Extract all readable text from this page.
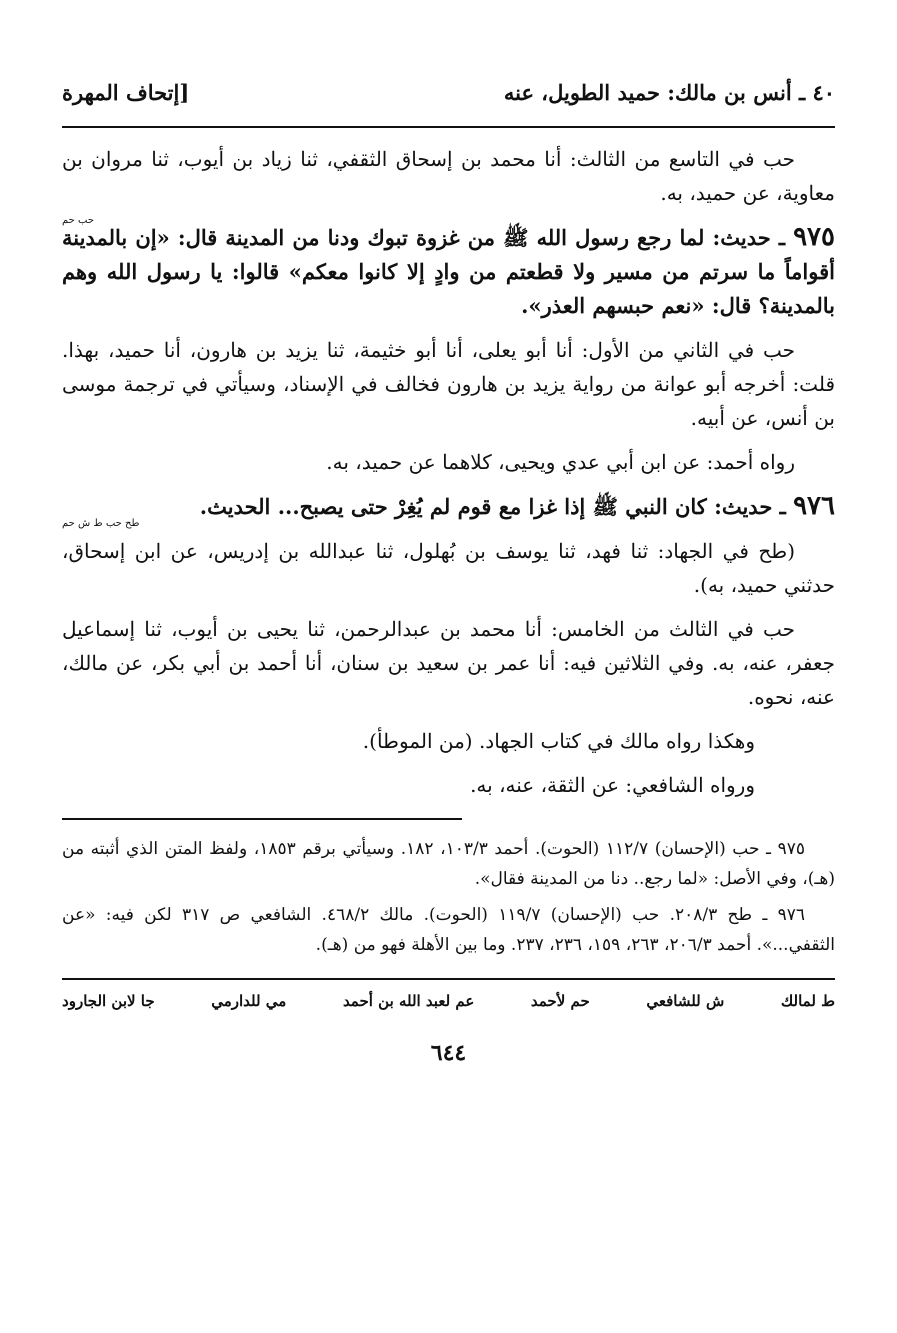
٤٠ ـ أنس بن مالك: حميد الطويل، عنه
[إتحاف المهرة

حب في التاسع من الثالث: أنا محمد بن إسحاق الثقفي، ثنا زياد بن أيوب، ثنا مروان بن معاوية، عن حميد، به.

حب حم
٩٧٥ ـ حديث: لما رجع رسول الله ﷺ من غزوة تبوك ودنا من المدينة قال: «إن بالمدينة أقواماً ما سرتم من مسير ولا قطعتم من وادٍ إلا كانوا معكم» قالوا: يا رسول الله وهم بالمدينة؟ قال: «نعم حبسهم العذر».

حب في الثاني من الأول: أنا أبو يعلى، أنا أبو خثيمة، ثنا يزيد بن هارون، أنا حميد، بهذا. قلت: أخرجه أبو عوانة من رواية يزيد بن هارون فخالف في الإسناد، وسيأتي في ترجمة موسى بن أنس، عن أبيه.

رواه أحمد: عن ابن أبي عدي ويحيى، كلاهما عن حميد، به.

طح حب ط ش حم
٩٧٦ ـ حديث: كان النبي ﷺ إذا غزا مع قوم لم يُغِرْ حتى يصبح... الحديث.

(طح في الجهاد: ثنا فهد، ثنا يوسف بن بُهلول، ثنا عبدالله بن إدريس، عن ابن إسحاق، حدثني حميد، به).

حب في الثالث من الخامس: أنا محمد بن عبدالرحمن، ثنا يحيى بن أيوب، ثنا إسماعيل جعفر، عنه، به. وفي الثلاثين فيه: أنا عمر بن سعيد بن سنان، أنا أحمد بن أبي بكر، عن مالك، عنه، نحوه.

وهكذا رواه مالك في كتاب الجهاد. (من الموطأ).

ورواه الشافعي: عن الثقة، عنه، به.

٩٧٥ ـ حب (الإحسان) ١١٢/٧ (الحوت). أحمد ١٠٣/٣، ١٨٢. وسيأتي برقم ١٨٥٣، ولفظ المتن الذي أثبته من (هـ)، وفي الأصل: «لما رجع.. دنا من المدينة فقال».

٩٧٦ ـ طح ٢٠٨/٣. حب (الإحسان) ١١٩/٧ (الحوت). مالك ٤٦٨/٢. الشافعي ص ٣١٧ لكن فيه: «عن الثقفي...». أحمد ٢٠٦/٣، ٢٦٣، ١٥٩، ٢٣٦، ٢٣٧. وما بين الأهلة فهو من (هـ).

ط لمالك
ش للشافعي
حم لأحمد
عم لعبد الله بن أحمد
مي للدارمي
جا لابن الجارود
٦٤٤
